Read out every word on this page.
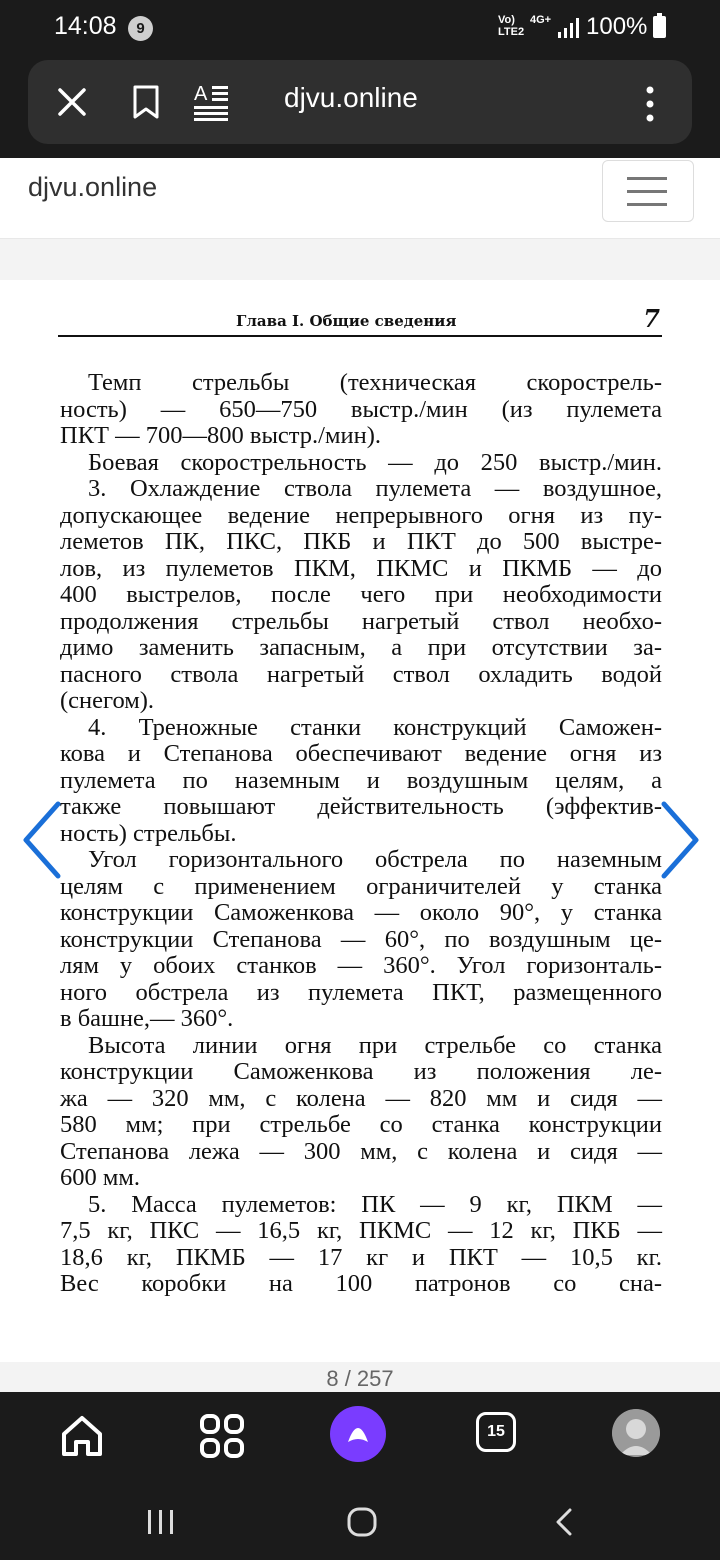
14:08	9	Vo)
LTE2
4G+ 100%
A	djvu.online
djvu.online
Глава I. Общие сведения	7
Темп стрельбы (техническая скорострель-
ность) — 650—750 выстр./мин (из пулемета
ПКТ — 700—800 выстр./мин).
Боевая скорострельность — до 250 выстр./мин.
3. Охлаждение ствола пулемета — воздушное,
допускающее ведение непрерывного огня из пу-
леметов ПК, ПКС, ПКБ и ПКТ до 500 выстре-
лов, из пулеметов ПКМ, ПКМС и ПКМБ — до
400 выстрелов, после чего при необходимости
продолжения стрельбы нагретый ствол необхо-
димо заменить запасным, а при отсутствии за-
пасного ствола нагретый ствол охладить водой
(снегом).
4. Треножные станки конструкций Саможен-
кова и Степанова обеспечивают ведение огня из
пулемета по наземным и воздушным целям, а
также повышают действительность (эффектив-
ность) стрельбы.
Угол горизонтального обстрела по наземным
целям с применением ограничителей у станка
конструкции Саможенкова — около 90°, у станка
конструкции Степанова — 60°, по воздушным це-
лям у обоих станков — 360°. Угол горизонталь-
ного обстрела из пулемета ПКТ, размещенного
в башне,— 360°.
Высота линии огня при стрельбе со станка
конструкции Саможенкова из положения ле-
жа — 320 мм, с колена — 820 мм и сидя —
580 мм; при стрельбе со станка конструкции
Степанова лежа — 300 мм, с колена и сидя —
600 мм.
5. Масса пулеметов: ПК — 9 кг, ПКМ —
7,5 кг, ПКС — 16,5 кг, ПКМС — 12 кг, ПКБ —
18,6 кг, ПКМБ — 17 кг и ПКТ — 10,5 кг.
Вес коробки на 100 патронов со сна-
8 / 257
15
